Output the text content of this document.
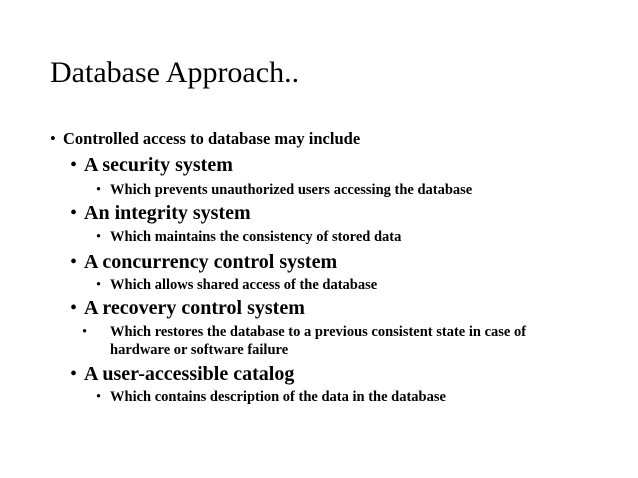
Database Approach..
• Controlled access to database may include
• A security system
• Which prevents unauthorized users accessing the database
• An integrity system
• Which maintains the consistency of stored data
• A concurrency control system
• Which allows shared access of the database
• A recovery control system
• Which restores the database to a previous consistent state in case of hardware or software failure
• A user-accessible catalog
• Which contains description of the data in the database
